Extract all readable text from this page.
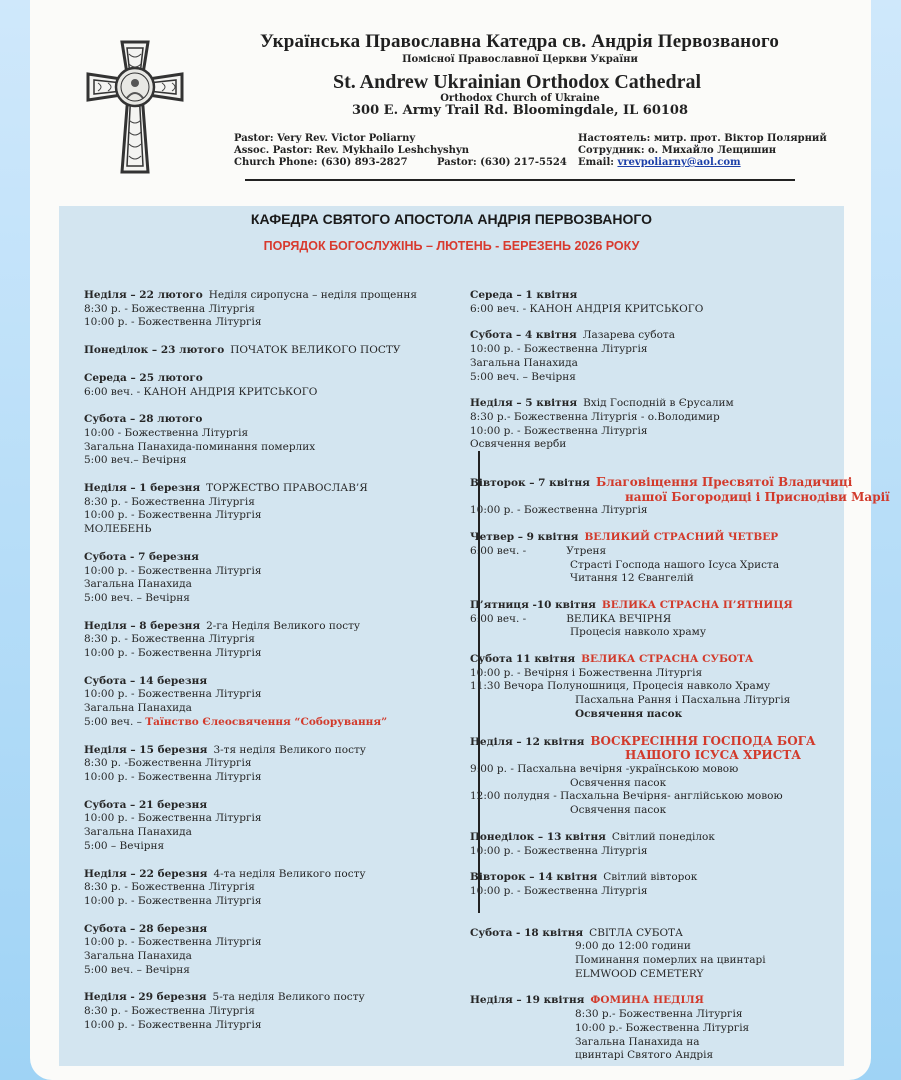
Українська Православна Катедра св. Андрія Первозваного
Помісної Православної Церкви України
St. Andrew Ukrainian Orthodox Cathedral
Orthodox Church of Ukraine
300 E. Army Trail Rd. Bloomingdale, IL 60108
Pastor: Very Rev. Victor Poliarny
Assoc. Pastor: Rev. Mykhailo Leshchyshyn
Church Phone: (630) 893-2827	Pastor: (630) 217-5524
Настоятель: митр. прот. Віктор Полярний
Сотрудник: о. Михайло Лещишин
Email: vrevpoliarny@aol.com
КАФЕДРА СВЯТОГО АПОСТОЛА АНДРІЯ ПЕРВОЗВАНОГО
ПОРЯДОК БОГОСЛУЖІНЬ – ЛЮТЕНЬ - БЕРЕЗЕНЬ 2026 РОКУ
Неділя – 22 лютого Неділя сиропусна – неділя прощення
8:30 р. - Божественна Літургія
10:00 р. - Божественна Літургія
Понеділок – 23 лютого ПОЧАТОК ВЕЛИКОГО ПОСТУ
Середа – 25 лютого
6:00 веч. - КАНОН АНДРІЯ КРИТСЬКОГО
Субота – 28 лютого
10:00 - Божественна Літургія
Загальна Панахида-поминання померлих
5:00 веч.– Вечірня
Неділя – 1 березня ТОРЖЕСТВО ПРАВОСЛАВ’Я
8:30 р. - Божественна Літургія
10:00 р. - Божественна Літургія
МОЛЕБЕНЬ
Субота - 7 березня
10:00 р. - Божественна Літургія
Загальна Панахида
5:00 веч. – Вечірня
Неділя – 8 березня 2-га Неділя Великого посту
8:30 р. - Божественна Літургія
10:00 р. - Божественна Літургія
Субота – 14 березня
10:00 р. - Божественна Літургія
Загальна Панахида
5:00 веч. – Таїнство Єлеосвячення “Соборування”
Неділя – 15 березня 3-тя неділя Великого посту
8:30 р. -Божественна Літургія
10:00 р. - Божественна Літургія
Субота – 21 березня
10:00 р. - Божественна Літургія
Загальна Панахида
5:00 – Вечірня
Неділя – 22 березня 4-та неділя Великого посту
8:30 р. - Божественна Літургія
10:00 р. - Божественна Літургія
Субота – 28 березня
10:00 р. - Божественна Літургія
Загальна Панахида
5:00 веч. – Вечірня
Неділя - 29 березня 5-та неділя Великого посту
8:30 р. - Божественна Літургія
10:00 р. - Божественна Літургія
Середа – 1 квітня
6:00 веч. - КАНОН АНДРІЯ КРИТСЬКОГО
Субота – 4 квітня Лазарева субота
10:00 р. - Божественна Літургія
Загальна Панахида
5:00 веч. – Вечірня
Неділя – 5 квітня Вхід Господній в Єрусалим
8:30 р.- Божественна Літургія - о.Володимир
10:00 р. - Божественна Літургія
Освячення верби
Вівторок – 7 квітня Благовіщення Пресвятої Владичиці
нашої Богородиці і Приснодіви Марії
10:00 р. - Божественна Літургія
Четвер – 9 квітня ВЕЛИКИЙ СТРАСНИЙ ЧЕТВЕР
6:00 веч. -	Утреня
Страсті Господа нашого Ісуса Христа
Читання 12 Євангелій
П’ятниця -10 квітня ВЕЛИКА СТРАСНА П’ЯТНИЦЯ
6:00 веч. -	ВЕЛИКА ВЕЧІРНЯ
Процесія навколо храму
Субота 11 квітня ВЕЛИКА СТРАСНА СУБОТА
10:00 р. - Вечірня і Божественна Літургія
11:30 Вечора Полуношниця, Процесія навколо Храму
Пасхальна Рання і Пасхальна Літургія
Освячення пасок
Неділя – 12 квітня ВОСКРЕСІННЯ ГОСПОДА БОГА
НАШОГО ІСУСА ХРИСТА
9:00 р. - Пасхальна вечірня -українською мовою
Освячення пасок
12:00 полудня - Пасхальна Вечірня- англійською мовою
Освячення пасок
Понеділок – 13 квітня Світлий понеділок
10:00 р. - Божественна Літургія
Вівторок – 14 квітня Світлий вівторок
10:00 р. - Божественна Літургія
Субота - 18 квітня СВІТЛА СУБОТА
9:00 до 12:00 години
Поминання померлих на цвинтарі
ELMWOOD CEMETERY
Неділя – 19 квітня ФОМИНА НЕДІЛЯ
8:30 р.- Божественна Літургія
10:00 р.- Божественна Літургія
Загальна Панахида на
цвинтарі Святого Андрія
